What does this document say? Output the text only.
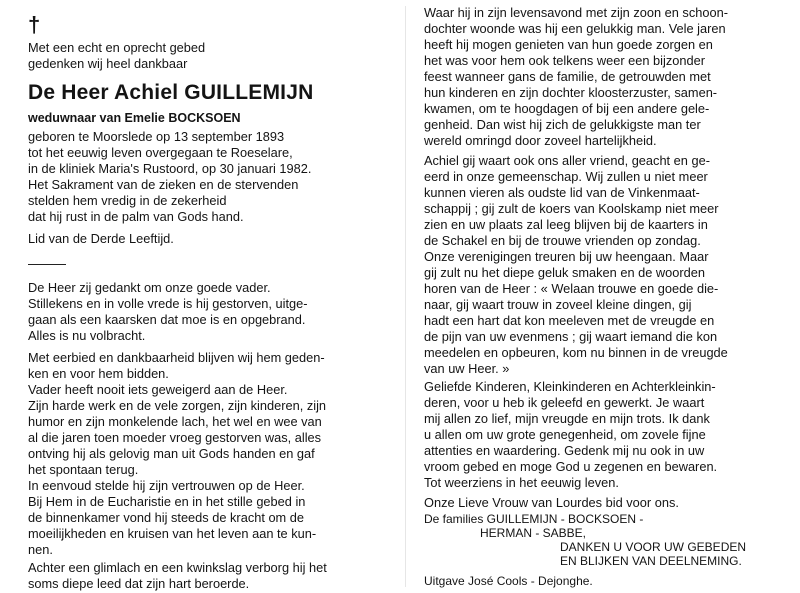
†

Met een echt en oprecht gebed

gedenken wij heel dankbaar

De Heer Achiel GUILLEMIJN
weduwnaar van Emelie BOCKSOEN

geboren te Moorslede op 13 september 1893

tot het eeuwig leven overgegaan te Roeselare,

in de kliniek Maria's Rustoord, op 30 januari 1982.

Het Sakrament van de zieken en de stervenden

stelden hem vredig in de zekerheid

dat hij rust in de palm van Gods hand.

Lid van de Derde Leeftijd.

De Heer zij gedankt om onze goede vader.

Stillekens en in volle vrede is hij gestorven, uitge-

gaan als een kaarsken dat moe is en opgebrand.

Alles is nu volbracht.

Met eerbied en dankbaarheid blijven wij hem geden-

ken en voor hem bidden.

Vader heeft nooit iets geweigerd aan de Heer.

Zijn harde werk en de vele zorgen, zijn kinderen, zijn

humor en zijn monkelende lach, het wel en wee van

al die jaren toen moeder vroeg gestorven was, alles

ontving hij als gelovig man uit Gods handen en gaf

het spontaan terug.

In eenvoud stelde hij zijn vertrouwen op de Heer.

Bij Hem in de Eucharistie en in het stille gebed in

de binnenkamer vond hij steeds de kracht om de

moeilijkheden en kruisen van het leven aan te kun-

nen.

Achter een glimlach en een kwinkslag verborg hij het

soms diepe leed dat zijn hart beroerde.

Waar hij in zijn levensavond met zijn zoon en schoon-

dochter woonde was hij een gelukkig man. Vele jaren

heeft hij mogen genieten van hun goede zorgen en

het was voor hem ook telkens weer een bijzonder

feest wanneer gans de familie, de getrouwden met

hun kinderen en zijn dochter kloosterzuster, samen-

kwamen, om te hoogdagen of bij een andere gele-

genheid. Dan wist hij zich de gelukkigste man ter

wereld omringd door zoveel hartelijkheid.

Achiel gij waart ook ons aller vriend, geacht en ge-

eerd in onze gemeenschap. Wij zullen u niet meer

kunnen vieren als oudste lid van de Vinkenmaat-

schappij ; gij zult de koers van Koolskamp niet meer

zien en uw plaats zal leeg blijven bij de kaarters in

de Schakel en bij de trouwe vrienden op zondag.

Onze verenigingen treuren bij uw heengaan. Maar

gij zult nu het diepe geluk smaken en de woorden

horen van de Heer : « Welaan trouwe en goede die-

naar, gij waart trouw in zoveel kleine dingen, gij

hadt een hart dat kon meeleven met de vreugde en

de pijn van uw evenmens ; gij waart iemand die kon

meedelen en opbeuren, kom nu binnen in de vreugde

van uw Heer. »

Geliefde Kinderen, Kleinkinderen en Achterkleinkin-

deren, voor u heb ik geleefd en gewerkt. Je waart

mij allen zo lief, mijn vreugde en mijn trots. Ik dank

u allen om uw grote genegenheid, om zovele fijne

attenties en waardering. Gedenk mij nu ook in uw

vroom gebed en moge God u zegenen en bewaren.

Tot weerziens in het eeuwig leven.

Onze Lieve Vrouw van Lourdes bid voor ons.

De families GUILLEMIJN - BOCKSOEN -

HERMAN - SABBE,

DANKEN U VOOR UW GEBEDEN

EN BLIJKEN VAN DEELNEMING.

Uitgave José Cools - Dejonghe.
